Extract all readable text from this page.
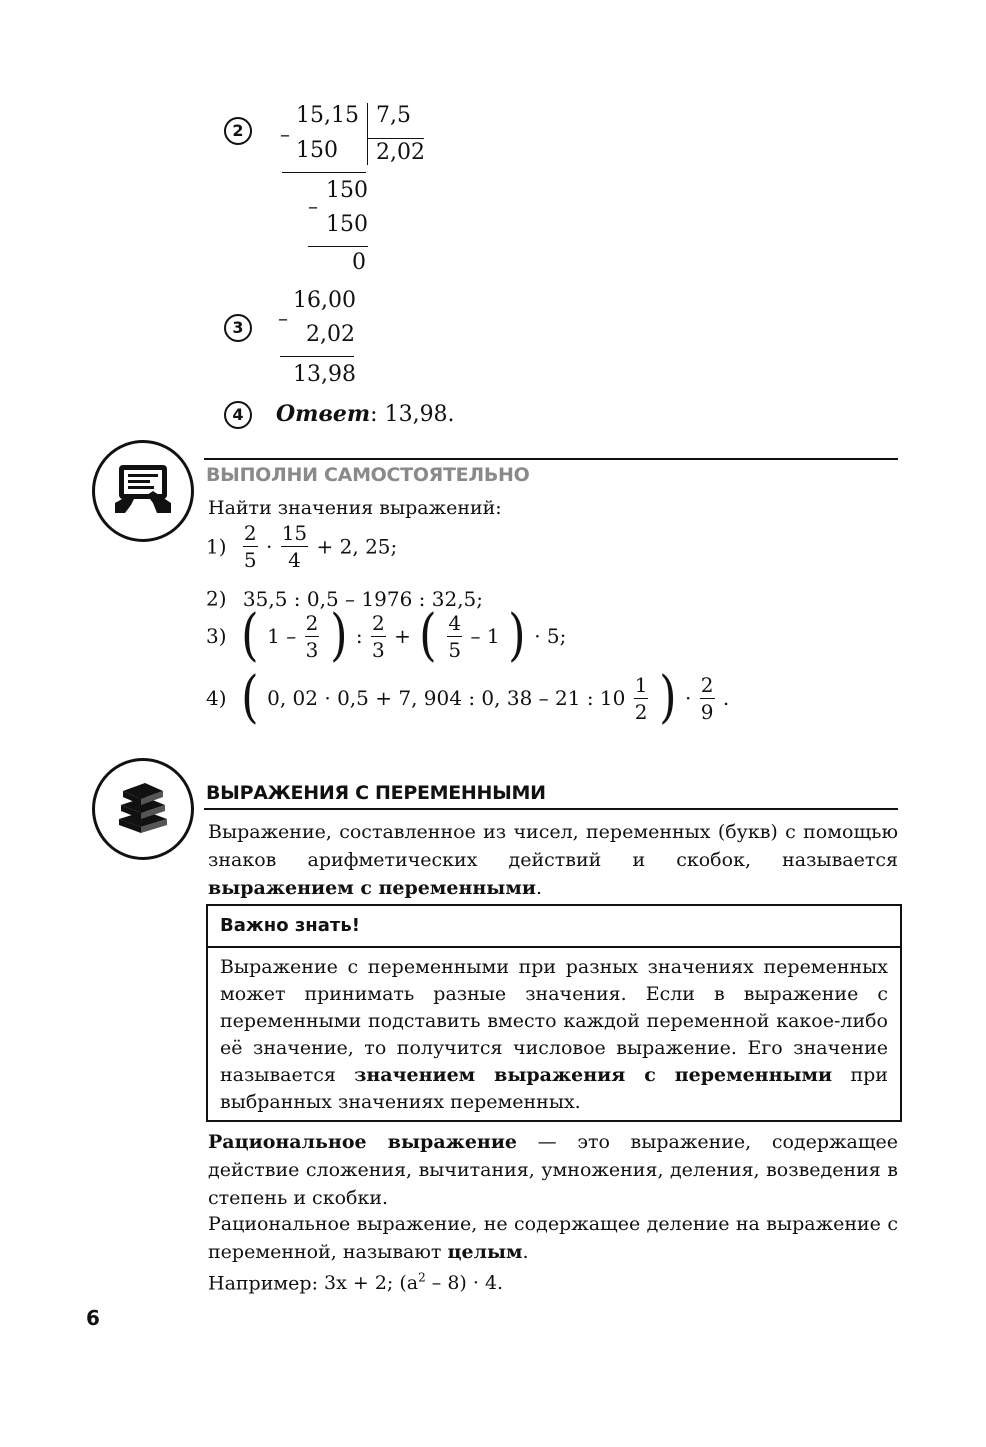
2	–
15,15 7,5
150 2,02
150
–
150
0
3	–
16,00
2,02
13,98
4	Ответ: 13,98.
ВЫПОЛНИ САМОСТОЯТЕЛЬНО
Найти значения выражений:
$1) \frac{2}{5} \cdot \frac{15}{4} + 2$, 25;
2) 35,5 : 0,5 – 1976 : 32,5;
3) ( $1 - \frac{2}{3}$ ) : $\frac{2}{3}$ + ( $\frac{4}{5} - 1$ ) · 5;
4) ( 0, 02 · 0,5 + 7, 904 : 0, 38 – 21 : $10 \frac{1}{2}$ ) · $\frac{2}{9}$ .
ВЫРАЖЕНИЯ С ПЕРЕМЕННЫМИ
Выражение, составленное из чисел, переменных (букв) с помощью знаков арифметических действий и скобок, называется выражением с переменными.
Важно знать!
Выражение с переменными при разных значениях переменных может принимать разные значения. Если в выражение с переменными подставить вместо каждой переменной какое-либо её значение, то получится числовое выражение. Его значение называется значением выражения с переменными при выбранных значениях переменных.
Рациональное выражение — это выражение, содержащее действие сложения, вычитания, умножения, деления, возведения в степень и скобки.
Рациональное выражение, не содержащее деление на выражение с переменной, называют целым.
Например: 3x + 2; $(a^2 - 8) \cdot 4$.
6
